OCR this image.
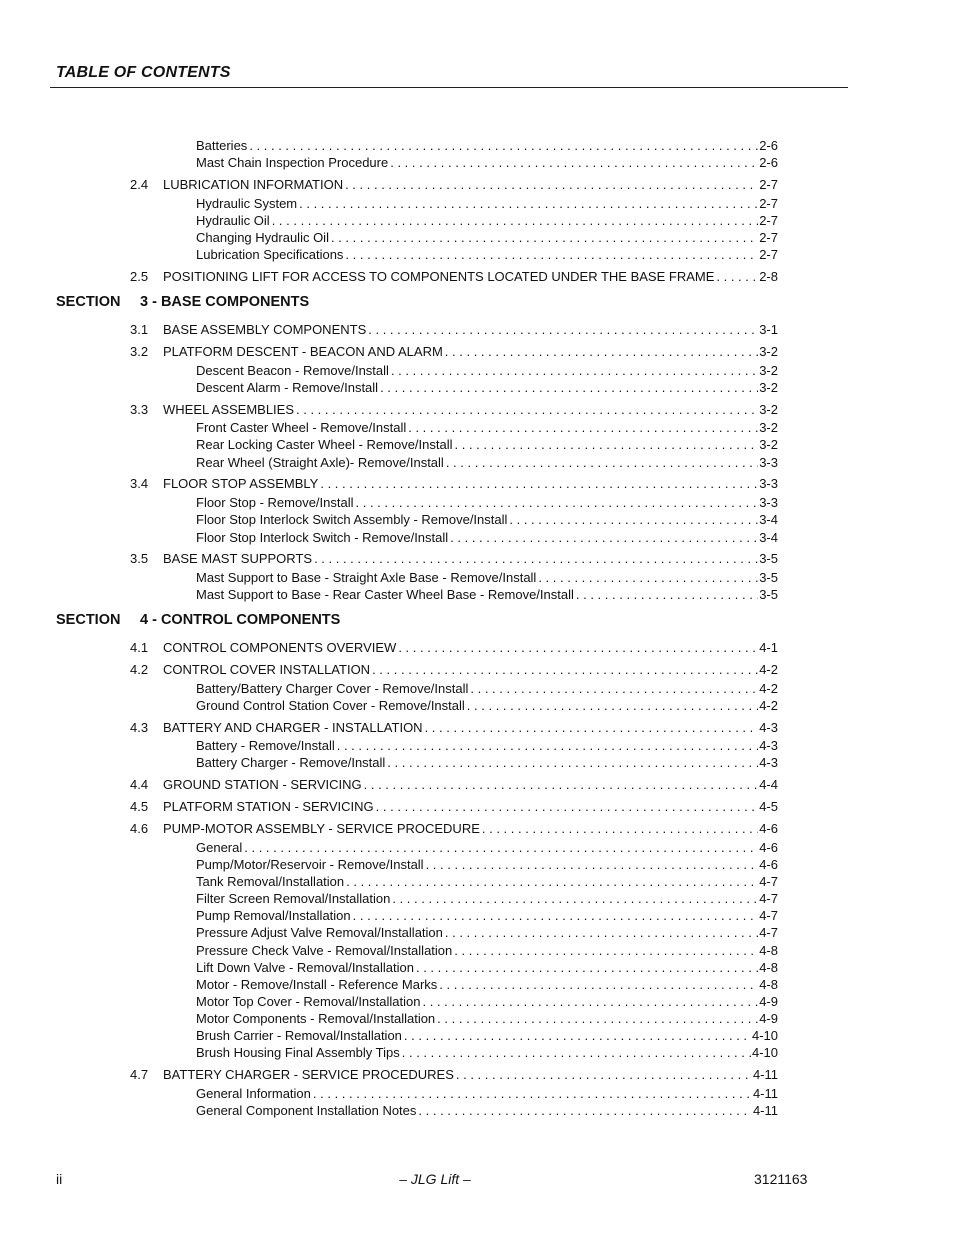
TABLE OF CONTENTS
Batteries . . .	2-6
Mast Chain Inspection Procedure . . .	2-6
2.4	LUBRICATION INFORMATION . . .	2-7
Hydraulic System . . .	2-7
Hydraulic Oil . . .	2-7
Changing Hydraulic Oil . . .	2-7
Lubrication Specifications . . .	2-7
2.5	POSITIONING LIFT FOR ACCESS TO COMPONENTS LOCATED UNDER THE BASE FRAME . . .	2-8
SECTION 3 - BASE COMPONENTS
3.1	BASE ASSEMBLY COMPONENTS . . .	3-1
3.2	PLATFORM DESCENT - BEACON AND ALARM . . .	3-2
Descent Beacon - Remove/Install . . .	3-2
Descent Alarm - Remove/Install . . .	3-2
3.3	WHEEL ASSEMBLIES . . .	3-2
Front Caster Wheel - Remove/Install . . .	3-2
Rear Locking Caster Wheel - Remove/Install . . .	3-2
Rear Wheel (Straight Axle)- Remove/Install . . .	3-3
3.4	FLOOR STOP ASSEMBLY . . .	3-3
Floor Stop - Remove/Install . . .	3-3
Floor Stop Interlock Switch Assembly - Remove/Install . . .	3-4
Floor Stop Interlock Switch - Remove/Install . . .	3-4
3.5	BASE MAST SUPPORTS . . .	3-5
Mast Support to Base - Straight Axle Base - Remove/Install . . .	3-5
Mast Support to Base - Rear Caster Wheel Base - Remove/Install . . .	3-5
SECTION 4 - CONTROL COMPONENTS
4.1	CONTROL COMPONENTS OVERVIEW . . .	4-1
4.2	CONTROL COVER INSTALLATION . . .	4-2
Battery/Battery Charger Cover - Remove/Install . . .	4-2
Ground Control Station Cover - Remove/Install . . .	4-2
4.3	BATTERY AND CHARGER - INSTALLATION . . .	4-3
Battery - Remove/Install . . .	4-3
Battery Charger - Remove/Install . . .	4-3
4.4	GROUND STATION - SERVICING . . .	4-4
4.5	PLATFORM STATION - SERVICING . . .	4-5
4.6	PUMP-MOTOR ASSEMBLY - SERVICE PROCEDURE . . .	4-6
General . . .	4-6
Pump/Motor/Reservoir - Remove/Install . . .	4-6
Tank Removal/Installation . . .	4-7
Filter Screen Removal/Installation . . .	4-7
Pump Removal/Installation . . .	4-7
Pressure Adjust Valve Removal/Installation . . .	4-7
Pressure Check Valve - Removal/Installation . . .	4-8
Lift Down Valve - Removal/Installation . . .	4-8
Motor - Remove/Install - Reference Marks . . .	4-8
Motor Top Cover - Removal/Installation . . .	4-9
Motor Components - Removal/Installation . . .	4-9
Brush Carrier - Removal/Installation . . .	4-10
Brush Housing Final Assembly Tips . . .	4-10
4.7	BATTERY CHARGER - SERVICE PROCEDURES . . .	4-11
General Information . . .	4-11
General Component Installation Notes . . .	4-11
ii	– JLG Lift –	3121163
